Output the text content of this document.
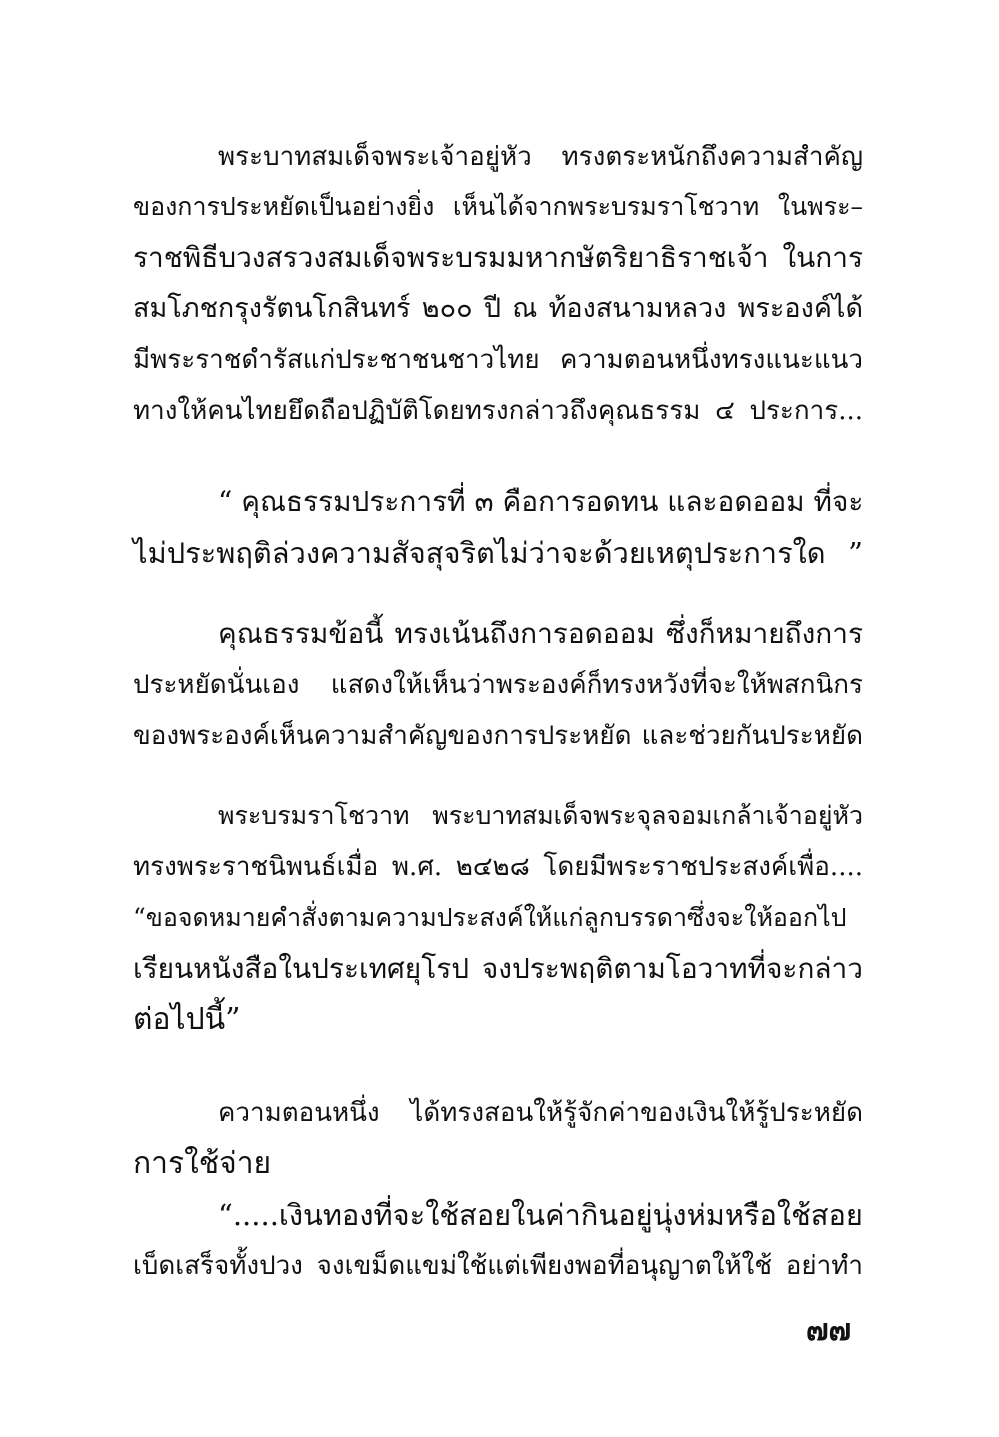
พระบาทสมเด็จพระเจ้าอยู่หัว ทรงตระหนักถึงความสำคัญ
ของการประหยัดเป็นอย่างยิ่ง เห็นได้จากพระบรมราโชวาท ในพระ–
ราชพิธีบวงสรวงสมเด็จพระบรมมหากษัตริยาธิราชเจ้า ในการ
สมโภชกรุงรัตนโกสินทร์ ๒๐๐ ปี ณ ท้องสนามหลวง พระองค์ได้
มีพระราชดำรัสแก่ประชาชนชาวไทย ความตอนหนึ่งทรงแนะแนว
ทางให้คนไทยยึดถือปฏิบัติโดยทรงกล่าวถึงคุณธรรม ๔ ประการ...
“ คุณธรรมประการที่ ๓ คือการอดทน และอดออม ที่จะ
ไม่ประพฤติล่วงความสัจสุจริตไม่ว่าจะด้วยเหตุประการใด ”
คุณธรรมข้อนี้ ทรงเน้นถึงการอดออม ซึ่งก็หมายถึงการ
ประหยัดนั่นเอง แสดงให้เห็นว่าพระองค์ก็ทรงหวังที่จะให้พสกนิกร
ของพระองค์เห็นความสำคัญของการประหยัด และช่วยกันประหยัด
พระบรมราโชวาท พระบาทสมเด็จพระจุลจอมเกล้าเจ้าอยู่หัว
ทรงพระราชนิพนธ์เมื่อ พ.ศ. ๒๔๒๘ โดยมีพระราชประสงค์เพื่อ....
“ขอจดหมายคำสั่งตามความประสงค์ให้แก่ลูกบรรดาซึ่งจะให้ออกไป
เรียนหนังสือในประเทศยุโรป จงประพฤติตามโอวาทที่จะกล่าว
ต่อไปนี้”
ความตอนหนึ่ง ได้ทรงสอนให้รู้จักค่าของเงินให้รู้ประหยัด
การใช้จ่าย
“.....เงินทองที่จะใช้สอยในค่ากินอยู่นุ่งห่มหรือใช้สอย
เบ็ดเสร็จทั้งปวง จงเขม็ดแขม่ใช้แต่เพียงพอที่อนุญาตให้ใช้ อย่าทำ
๗๗
